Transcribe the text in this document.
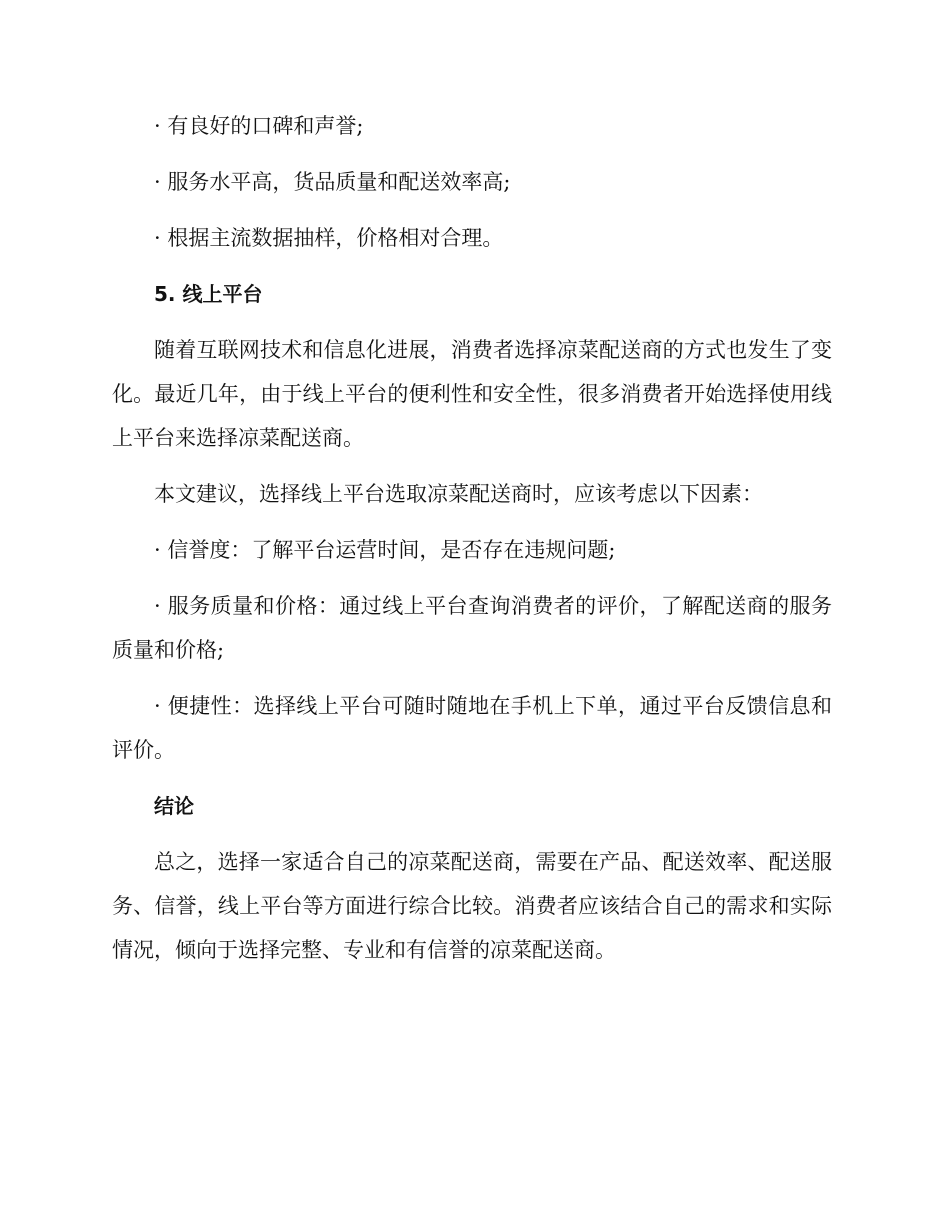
· 有良好的口碑和声誉;

· 服务水平高，货品质量和配送效率高;

· 根据主流数据抽样，价格相对合理。

5. 线上平台

随着互联网技术和信息化进展，消费者选择凉菜配送商的方式也发生了变化。最近几年，由于线上平台的便利性和安全性，很多消费者开始选择使用线上平台来选择凉菜配送商。

本文建议，选择线上平台选取凉菜配送商时，应该考虑以下因素：

· 信誉度：了解平台运营时间，是否存在违规问题;

· 服务质量和价格：通过线上平台查询消费者的评价，了解配送商的服务质量和价格;

· 便捷性：选择线上平台可随时随地在手机上下单，通过平台反馈信息和评价。

结论

总之，选择一家适合自己的凉菜配送商，需要在产品、配送效率、配送服务、信誉，线上平台等方面进行综合比较。消费者应该结合自己的需求和实际情况，倾向于选择完整、专业和有信誉的凉菜配送商。
